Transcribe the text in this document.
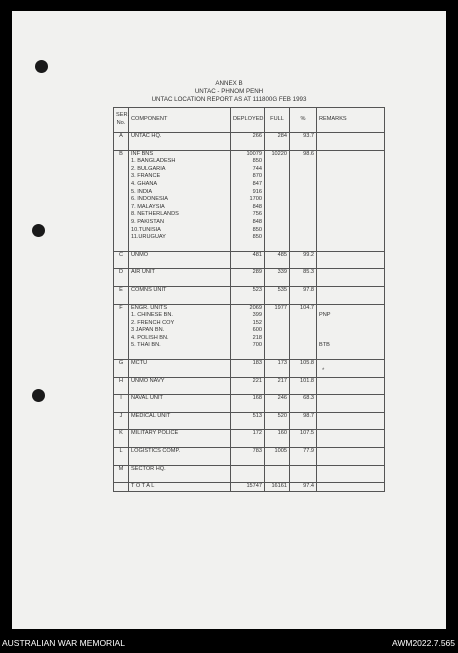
ANNEX B
UNTAC - PHNOM PENH
UNTAC LOCATION REPORT AS AT 111800G FEB 1993
SER. No.	COMPONENT	DEPLOYED	FULL	%	REMARKS
A	UNTAC HQ.	266	284	93.7	

B	INF BNS	10079	10220	98.6	
	1. BANGLADESH	850			
	2. BULGARIA	744			
	3. FRANCE	870			
	4. GHANA	847			
	5. INDIA	916			
	6. INDONESIA	1700			
	7. MALAYSIA	848			
	8. NETHERLANDS	756			
	9. PAKISTAN	848			
	10.TUNISIA	850			
	11.URUGUAY	850			

C	UNMO	481	485	99.2	

D	AIR UNIT	289	339	85.3	

E	COMNS UNIT	523	535	97.8	

F	ENGR. UNITS	2069	1977	104.7	
	1. CHINESE BN.	399			PNP
	2. FRENCH COY	152			
	3 JAPAN BN.	600			
	4. POLISH BN.	218			
	5. THAI BN.	700			BTB

G	MCTU	183	173	105.8	

H	UNMO NAVY	221	217	101.8	

I	NAVAL UNIT	168	246	68.3	

J	MEDICAL UNIT	513	520	98.7	

K	MILITARY POLICE	172	160	107.5	

L	LOGISTICS COMP.	783	1005	77.9	

M	SECTOR HQ.				

	T O T A L	15747	16161	97.4	
*
AUSTRALIAN WAR MEMORIAL	AWM2022.7.565
